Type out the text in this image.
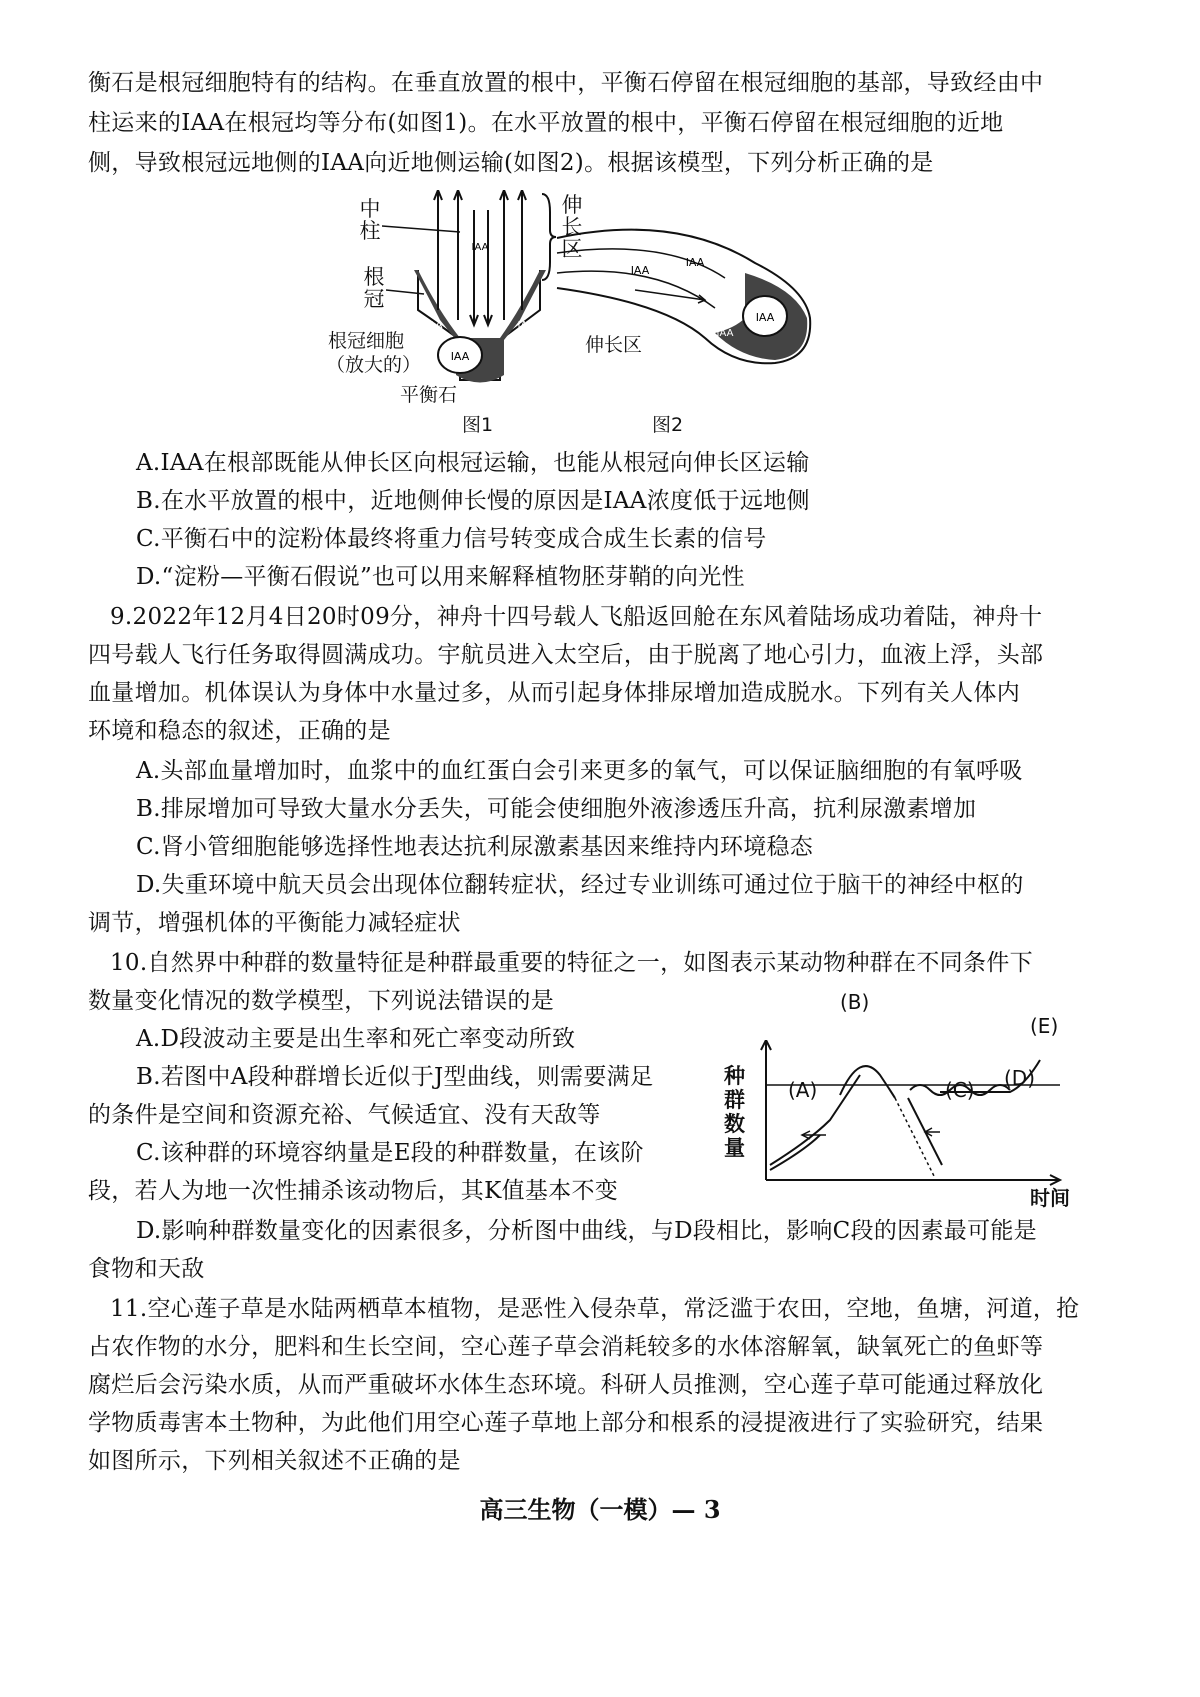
衡石是根冠细胞特有的结构。在垂直放置的根中，平衡石停留在根冠细胞的基部，导致经由中
柱运来的IAA在根冠均等分布(如图1)。在水平放置的根中，平衡石停留在根冠细胞的近地
侧，导致根冠远地侧的IAA向近地侧运输(如图2)。根据该模型，下列分析正确的是
IAA
IAA	IAA
IAA
中
柱
伸
长
区
根
冠
根冠细胞
（放大的）
平衡石
图1
IAA
IAA
IAA
IAA
伸长区
图2
A.IAA在根部既能从伸长区向根冠运输，也能从根冠向伸长区运输
B.在水平放置的根中，近地侧伸长慢的原因是IAA浓度低于远地侧
C.平衡石中的淀粉体最终将重力信号转变成合成生长素的信号
D.“淀粉—平衡石假说”也可以用来解释植物胚芽鞘的向光性
9.2022年12月4日20时09分，神舟十四号载人飞船返回舱在东风着陆场成功着陆，神舟十
四号载人飞行任务取得圆满成功。宇航员进入太空后，由于脱离了地心引力，血液上浮，头部
血量增加。机体误认为身体中水量过多，从而引起身体排尿增加造成脱水。下列有关人体内
环境和稳态的叙述，正确的是
A.头部血量增加时，血浆中的血红蛋白会引来更多的氧气，可以保证脑细胞的有氧呼吸
B.排尿增加可导致大量水分丢失，可能会使细胞外液渗透压升高，抗利尿激素增加
C.肾小管细胞能够选择性地表达抗利尿激素基因来维持内环境稳态
D.失重环境中航天员会出现体位翻转症状，经过专业训练可通过位于脑干的神经中枢的
调节，增强机体的平衡能力减轻症状
10.自然界中种群的数量特征是种群最重要的特征之一，如图表示某动物种群在不同条件下
数量变化情况的数学模型，下列说法错误的是
A.D段波动主要是出生率和死亡率变动所致
B.若图中A段种群增长近似于J型曲线，则需要满足
的条件是空间和资源充裕、气候适宜、没有天敌等
C.该种群的环境容纳量是E段的种群数量，在该阶
段，若人为地一次性捕杀该动物后，其K值基本不变
D.影响种群数量变化的因素很多，分析图中曲线，与D段相比，影响C段的因素最可能是
食物和天敌
种群数量
时间
(A)
(B)
(C) (D)
(E)
11.空心莲子草是水陆两栖草本植物，是恶性入侵杂草，常泛滥于农田，空地，鱼塘，河道，抢
占农作物的水分，肥料和生长空间，空心莲子草会消耗较多的水体溶解氧，缺氧死亡的鱼虾等
腐烂后会污染水质，从而严重破坏水体生态环境。科研人员推测，空心莲子草可能通过释放化
学物质毒害本土物种，为此他们用空心莲子草地上部分和根系的浸提液进行了实验研究，结果
如图所示，下列相关叙述不正确的是
高三生物（一模）— 3
